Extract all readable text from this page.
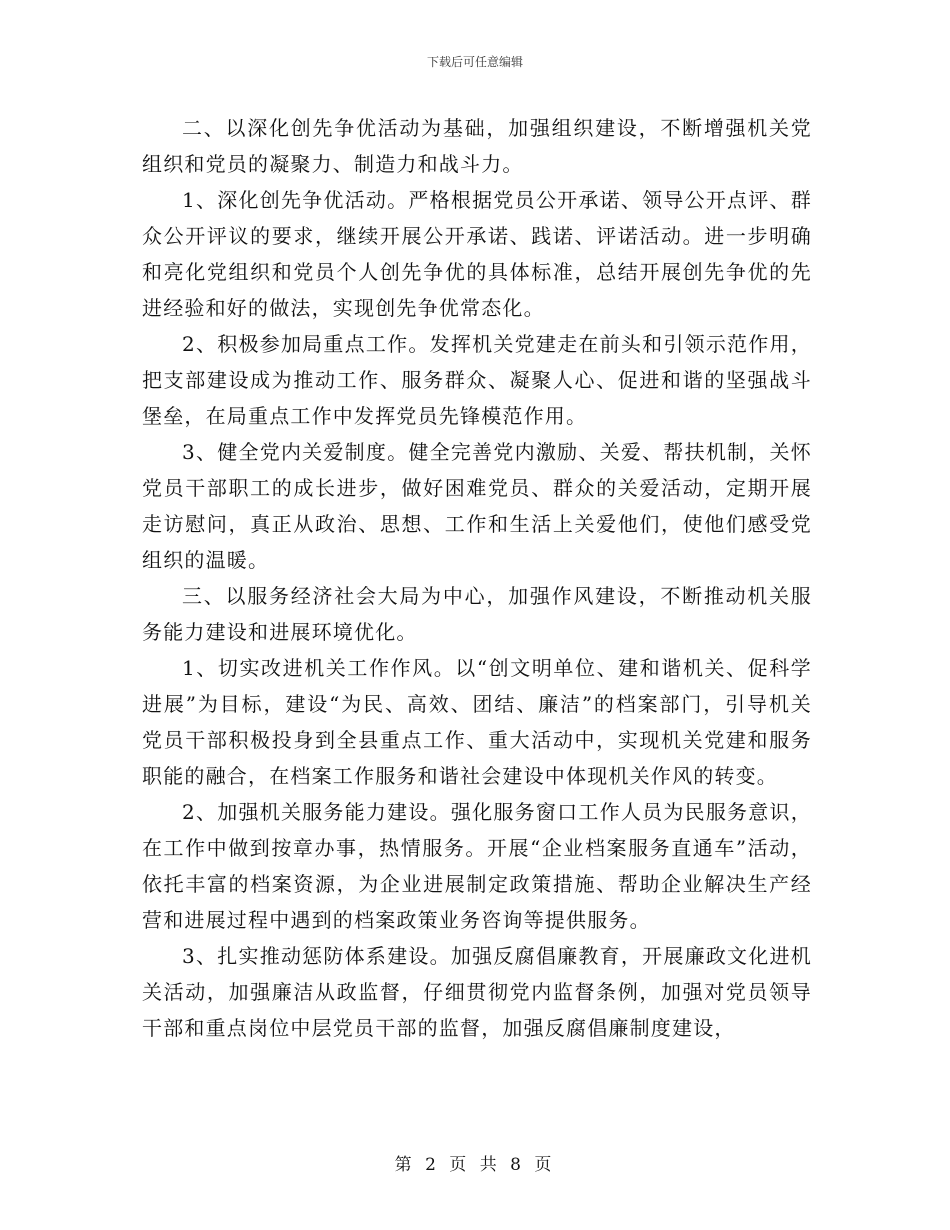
下载后可任意编辑

二、以深化创先争优活动为基础，加强组织建设，不断增强机关党组织和党员的凝聚力、制造力和战斗力。

1、深化创先争优活动。严格根据党员公开承诺、领导公开点评、群众公开评议的要求，继续开展公开承诺、践诺、评诺活动。进一步明确和亮化党组织和党员个人创先争优的具体标准，总结开展创先争优的先进经验和好的做法，实现创先争优常态化。

2、积极参加局重点工作。发挥机关党建走在前头和引领示范作用，把支部建设成为推动工作、服务群众、凝聚人心、促进和谐的坚强战斗堡垒，在局重点工作中发挥党员先锋模范作用。

3、健全党内关爱制度。健全完善党内激励、关爱、帮扶机制，关怀党员干部职工的成长进步，做好困难党员、群众的关爱活动，定期开展走访慰问，真正从政治、思想、工作和生活上关爱他们，使他们感受党组织的温暖。

三、以服务经济社会大局为中心，加强作风建设，不断推动机关服务能力建设和进展环境优化。

1、切实改进机关工作作风。以“创文明单位、建和谐机关、促科学进展”为目标，建设“为民、高效、团结、廉洁”的档案部门，引导机关党员干部积极投身到全县重点工作、重大活动中，实现机关党建和服务职能的融合，在档案工作服务和谐社会建设中体现机关作风的转变。

2、加强机关服务能力建设。强化服务窗口工作人员为民服务意识，在工作中做到按章办事，热情服务。开展“企业档案服务直通车”活动，依托丰富的档案资源，为企业进展制定政策措施、帮助企业解决生产经营和进展过程中遇到的档案政策业务咨询等提供服务。

3、扎实推动惩防体系建设。加强反腐倡廉教育，开展廉政文化进机关活动，加强廉洁从政监督，仔细贯彻党内监督条例，加强对党员领导干部和重点岗位中层党员干部的监督，加强反腐倡廉制度建设，

第 2 页 共 8 页
